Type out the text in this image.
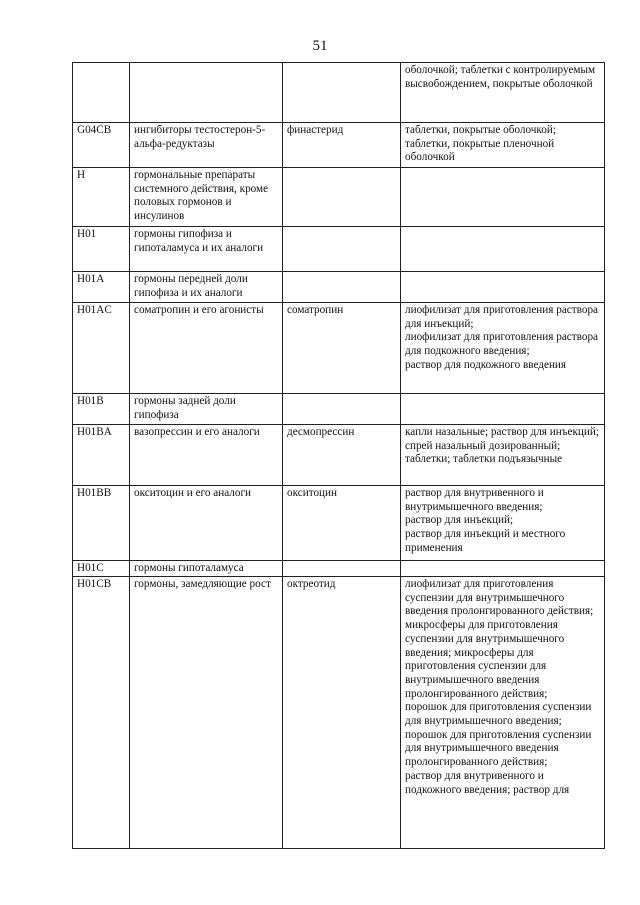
51

			оболочкой; таблетки с контролируемым высвобождением, покрытые оболочкой

G04CB	ингибиторы тестостерон-5-альфа-редуктазы	финастерид	таблетки, покрытые оболочкой;
таблетки, покрытые пленочной оболочкой

H	гормональные препараты системного действия, кроме половых гормонов и инсулинов		
H01	гормоны гипофиза и гипоталамуса и их аналоги		
H01A	гормоны передней доли гипофиза и их аналоги		
H01AC	соматропин и его агонисты	соматропин	лиофилизат для приготовления раствора для инъекций;
лиофилизат для приготовления раствора для подкожного введения;
раствор для подкожного введения

H01B	гормоны задней доли гипофиза		
H01BA	вазопрессин и его аналоги	десмопрессин	капли назальные; раствор для инъекций; спрей назальный дозированный;
таблетки; таблетки подъязычные

H01BB	окситоцин и его аналоги	окситоцин	раствор для внутривенного и внутримышечного введения;
раствор для инъекций;
раствор для инъекций и местного применения

H01C	гормоны гипоталамуса		
H01CB	гормоны, замедляющие рост	октреотид	лиофилизат для приготовления суспензии для внутримышечного введения пролонгированного действия;
микросферы для приготовления суспензии для внутримышечного введения; микросферы для приготовления суспензии для внутримышечного введения пролонгированного действия;
порошок для приготовления суспензии для внутримышечного введения; порошок для приготовления суспензии для внутримышечного введения пролонгированного действия;
раствор для внутривенного и подкожного введения; раствор для
